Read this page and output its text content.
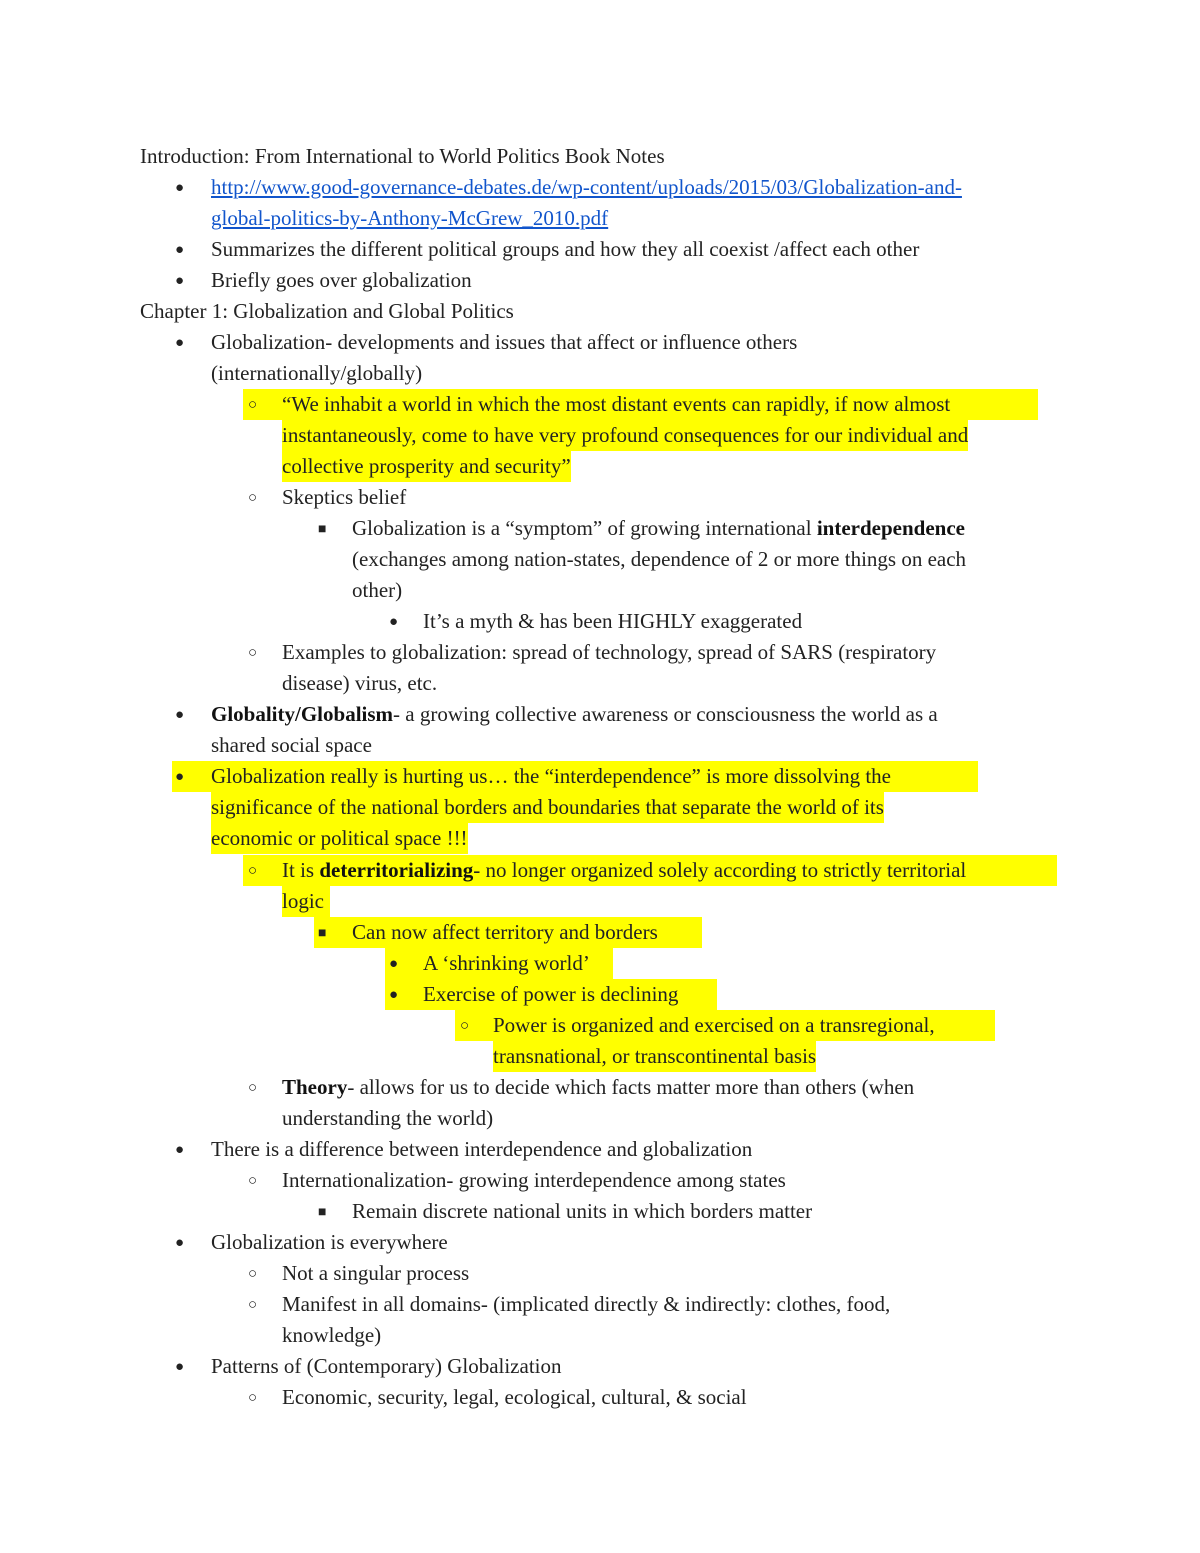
Introduction: From International to World Politics Book Notes
● http://www.good-governance-debates.de/wp-content/uploads/2015/03/Globalization-and-
global-politics-by-Anthony-McGrew_2010.pdf
● Summarizes the different political groups and how they all coexist /affect each other
● Briefly goes over globalization
Chapter 1: Globalization and Global Politics
● Globalization- developments and issues that affect or influence others
(internationally/globally)
○ “We inhabit a world in which the most distant events can rapidly, if now almost
instantaneously, come to have very profound consequences for our individual and
collective prosperity and security”
○ Skeptics belief
■ Globalization is a “symptom” of growing international interdependence
(exchanges among nation-states, dependence of 2 or more things on each
other)
● It’s a myth & has been HIGHLY exaggerated
○ Examples to globalization: spread of technology, spread of SARS (respiratory
disease) virus, etc.
● Globality/Globalism- a growing collective awareness or consciousness the world as a
shared social space
● Globalization really is hurting us… the “interdependence” is more dissolving the
significance of the national borders and boundaries that separate the world of its
economic or political space !!!
○ It is deterritorializing- no longer organized solely according to strictly territorial
logic
■ Can now affect territory and borders
● A ‘shrinking world’
● Exercise of power is declining
○ Power is organized and exercised on a transregional,
transnational, or transcontinental basis
○ Theory- allows for us to decide which facts matter more than others (when
understanding the world)
● There is a difference between interdependence and globalization
○ Internationalization- growing interdependence among states
■ Remain discrete national units in which borders matter
● Globalization is everywhere
○ Not a singular process
○ Manifest in all domains- (implicated directly & indirectly: clothes, food,
knowledge)
● Patterns of (Contemporary) Globalization
○ Economic, security, legal, ecological, cultural, & social
